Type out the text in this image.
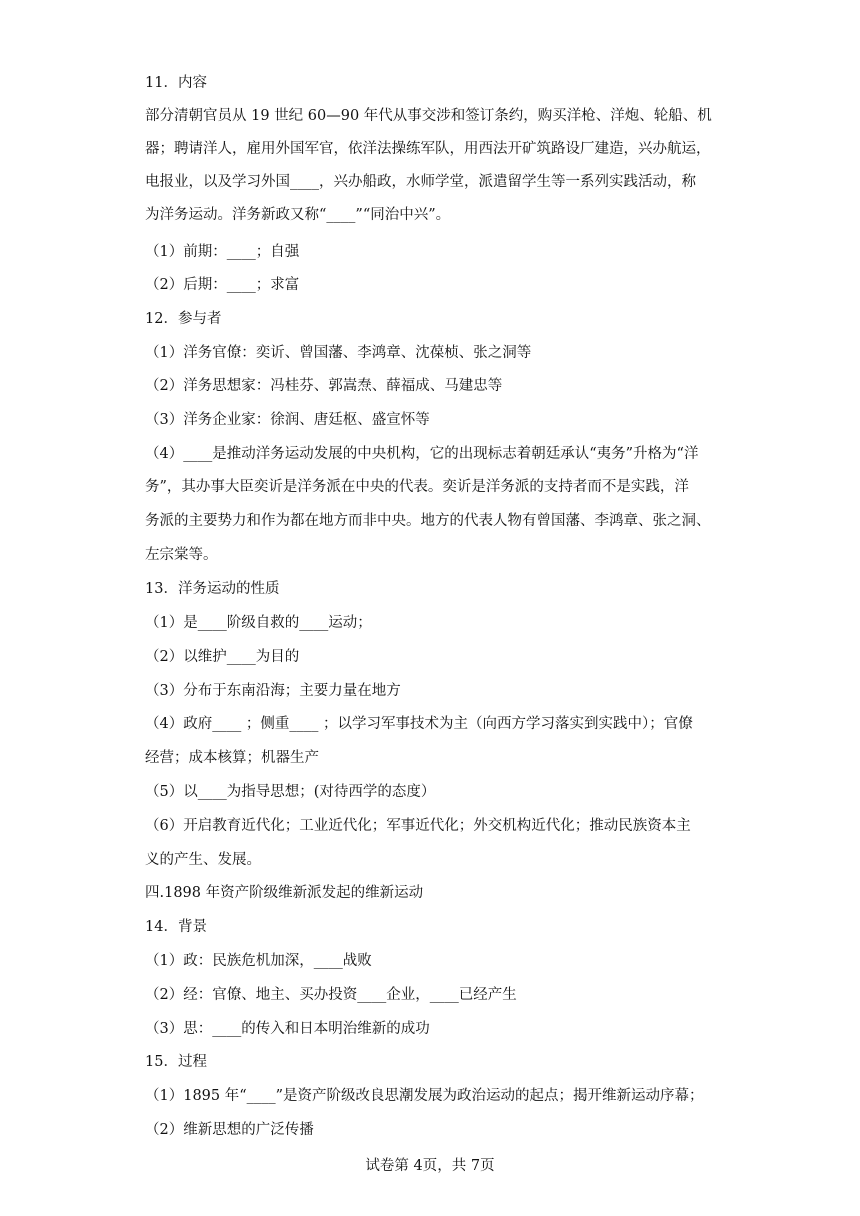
11．内容
部分清朝官员从 19 世纪 60—90 年代从事交涉和签订条约，购买洋枪、洋炮、轮船、机
器；聘请洋人，雇用外国军官，依洋法操练军队，用西法开矿筑路设厂建造，兴办航运，
电报业，以及学习外国____，兴办船政，水师学堂，派遣留学生等一系列实践活动，称
为洋务运动。洋务新政又称“____”“同治中兴”。
（1）前期：____；自强
（2）后期：____；求富
12．参与者
（1）洋务官僚：奕䜣、曾国藩、李鸿章、沈葆桢、张之洞等
（2）洋务思想家：冯桂芬、郭嵩焘、薛福成、马建忠等
（3）洋务企业家：徐润、唐廷枢、盛宣怀等
（4）____是推动洋务运动发展的中央机构，它的出现标志着朝廷承认“夷务”升格为“洋
务”，其办事大臣奕䜣是洋务派在中央的代表。奕䜣是洋务派的支持者而不是实践，洋
务派的主要势力和作为都在地方而非中央。地方的代表人物有曾国藩、李鸿章、张之洞、
左宗棠等。
13．洋务运动的性质
（1）是____阶级自救的____运动；
（2）以维护____为目的
（3）分布于东南沿海；主要力量在地方
（4）政府____ ；侧重____ ；以学习军事技术为主（向西方学习落实到实践中）；官僚
经营；成本核算；机器生产
（5）以____为指导思想；(对待西学的态度）
（6）开启教育近代化；工业近代化；军事近代化；外交机构近代化；推动民族资本主
义的产生、发展。
四.1898 年资产阶级维新派发起的维新运动
14．背景
（1）政：民族危机加深，____战败
（2）经：官僚、地主、买办投资____企业，____已经产生
（3）思：____的传入和日本明治维新的成功
15．过程
（1）1895 年“____”是资产阶级改良思潮发展为政治运动的起点；揭开维新运动序幕；
（2）维新思想的广泛传播
试卷第 4页，共 7页
